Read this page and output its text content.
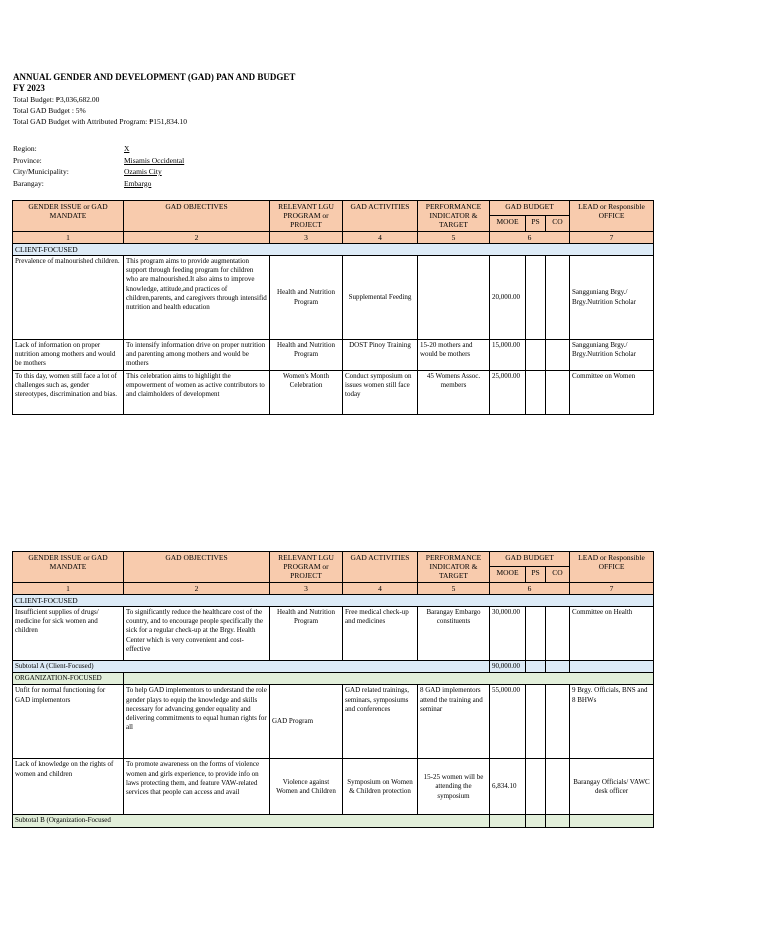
ANNUAL GENDER AND DEVELOPMENT (GAD) PAN AND BUDGET
FY 2023
Total Budget: ₱3,036,682.00
Total GAD Budget : 5%
Total GAD Budget with Attributed Program: ₱151,834.10
Region:	X
Province:	Misamis Occidental
City/Municipality:	Ozamis City
Barangay:	Embargo
GENDER ISSUE or GAD MANDATE	GAD OBJECTIVES	RELEVANT LGU PROGRAM or PROJECT	GAD ACTIVITIES	PERFORMANCE INDICATOR & TARGET	GAD BUDGET			LEAD or Responsible OFFICE
					MOOE	PS	CO	
1	2	3	4	5	6			7
CLIENT-FOCUSED								
Prevalence of malnourished children.	This program aims to provide augmentation support through feeding program for children who are malnourished.It also aims to improve knowledge, attitude,and practices of children,parents, and caregivers through intensifid nutrition and health education	Health and Nutrition Program	Supplemental Feeding		20,000.00			Sangguniang Brgy./ Brgy.Nutrition Scholar
Lack of information on proper nutrition among mothers and would be mothers	To intensify information drive on proper nutrition and parenting among mothers and would be mothers	Health and Nutrition Program	DOST Pinoy Training	15-20 mothers and would be mothers	15,000.00			Sangguniang Brgy./ Brgy.Nutrition Scholar
To this day, women still face a lot of challenges such as, gender stereotypes, discrimination and bias.	This celebration aims to highlight the empowerment of women as active contributors to and claimholders of development	Women's Month Celebration	Conduct symposium on issues women still face today	45 Womens Assoc. members	25,000.00			Committee on Women
GENDER ISSUE or GAD MANDATE	GAD OBJECTIVES	RELEVANT LGU PROGRAM or PROJECT	GAD ACTIVITIES	PERFORMANCE INDICATOR & TARGET	GAD BUDGET			LEAD or Responsible OFFICE
					MOOE	PS	CO	
1	2	3	4	5	6			7
CLIENT-FOCUSED								
Insufficient supplies of drugs/ medicine for sick women and children	To significantly reduce the healthcare cost of the country, and to encourage people specifically the sick for a regular check-up at the Brgy. Health Center which is very convenient and cost-effective	Health and Nutrition Program	Free medical check-up and medicines	Barangay Embargo constituents	30,000.00			Committee on Health
Subtotal A (Client-Focused)					90,000.00			
ORGANIZATION-FOCUSED								
Unfit for normal functioning for GAD implementors	To help GAD implementors to understand the role gender plays to equip the knowledge and skills necessary for advancing gender equality and delivering commitments to equal human rights for all	GAD Program	GAD related trainings, seminars, symposiums and conferences	8 GAD implementors attend the training and seminar	55,000.00			9 Brgy. Officials, BNS and 8 BHWs
Lack of knowledge on the rights of women and children	To promote awareness on the forms of violence women and girls experience, to provide info on laws protecting them, and feature VAW-related services that people can access and avail	Violence against Women and Children	Symposium on Women & Children protection	15-25 women will be attending the symposium	6,834.10			Barangay Officials/ VAWC desk officer
Subtotal B (Organization-Focused								
